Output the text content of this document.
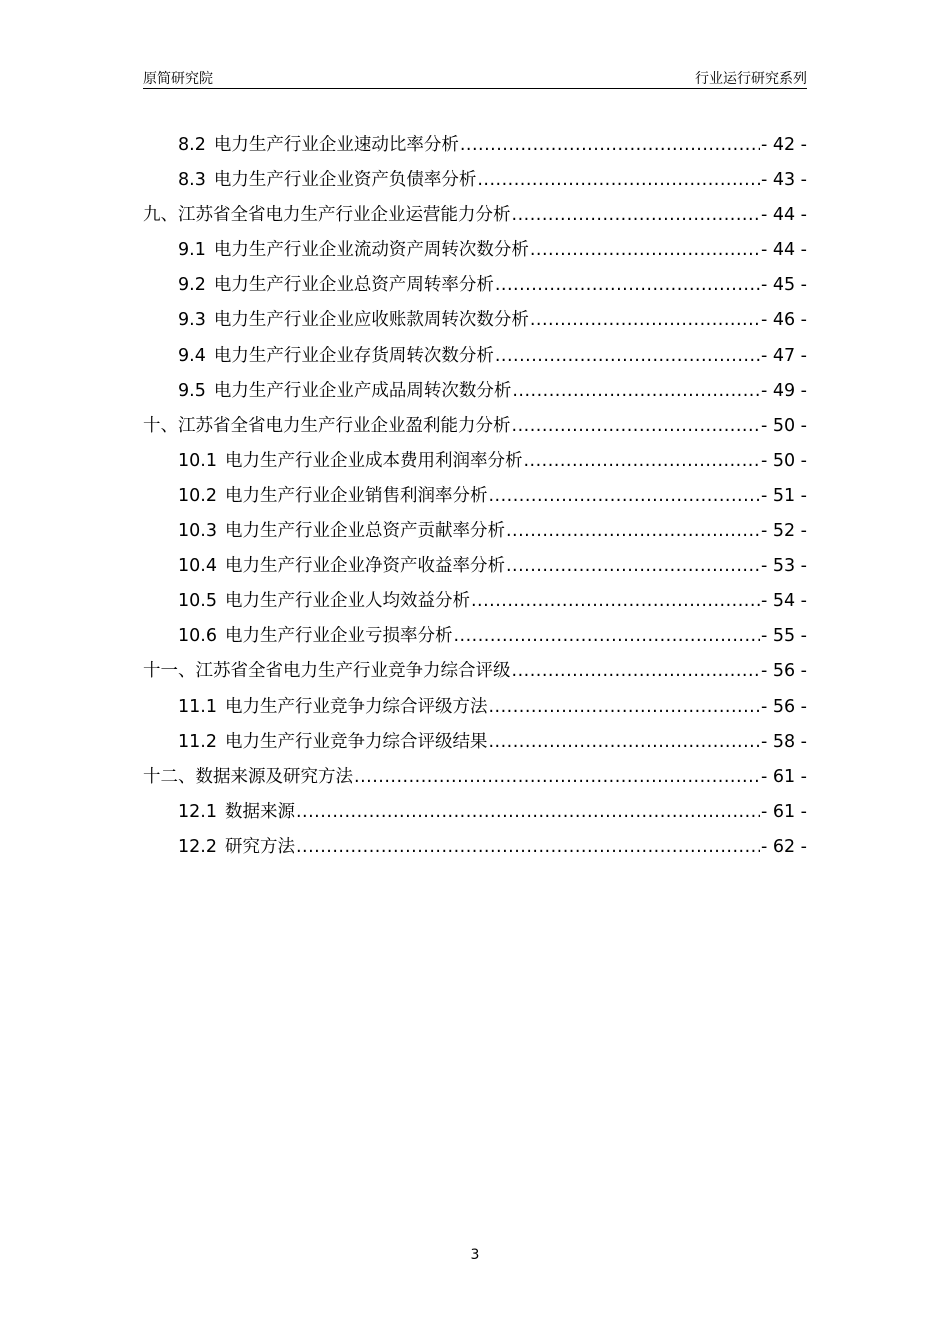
原简研究院	行业运行研究系列
8.2 电力生产行业企业速动比率分析 .....	- 42 -
8.3 电力生产行业企业资产负债率分析 .....	- 43 -
九、江苏省全省电力生产行业企业运营能力分析 .....	- 44 -
9.1 电力生产行业企业流动资产周转次数分析 .....	- 44 -
9.2 电力生产行业企业总资产周转率分析 .....	- 45 -
9.3 电力生产行业企业应收账款周转次数分析 .....	- 46 -
9.4 电力生产行业企业存货周转次数分析 .....	- 47 -
9.5 电力生产行业企业产成品周转次数分析 .....	- 49 -
十、江苏省全省电力生产行业企业盈利能力分析 .....	- 50 -
10.1 电力生产行业企业成本费用利润率分析 .....	- 50 -
10.2 电力生产行业企业销售利润率分析 .....	- 51 -
10.3 电力生产行业企业总资产贡献率分析 .....	- 52 -
10.4 电力生产行业企业净资产收益率分析 .....	- 53 -
10.5 电力生产行业企业人均效益分析 .....	- 54 -
10.6 电力生产行业企业亏损率分析 .....	- 55 -
十一、江苏省全省电力生产行业竞争力综合评级 .....	- 56 -
11.1 电力生产行业竞争力综合评级方法 .....	- 56 -
11.2 电力生产行业竞争力综合评级结果 .....	- 58 -
十二、数据来源及研究方法 .....	- 61 -
12.1 数据来源 .....	- 61 -
12.2 研究方法 .....	- 62 -
3
